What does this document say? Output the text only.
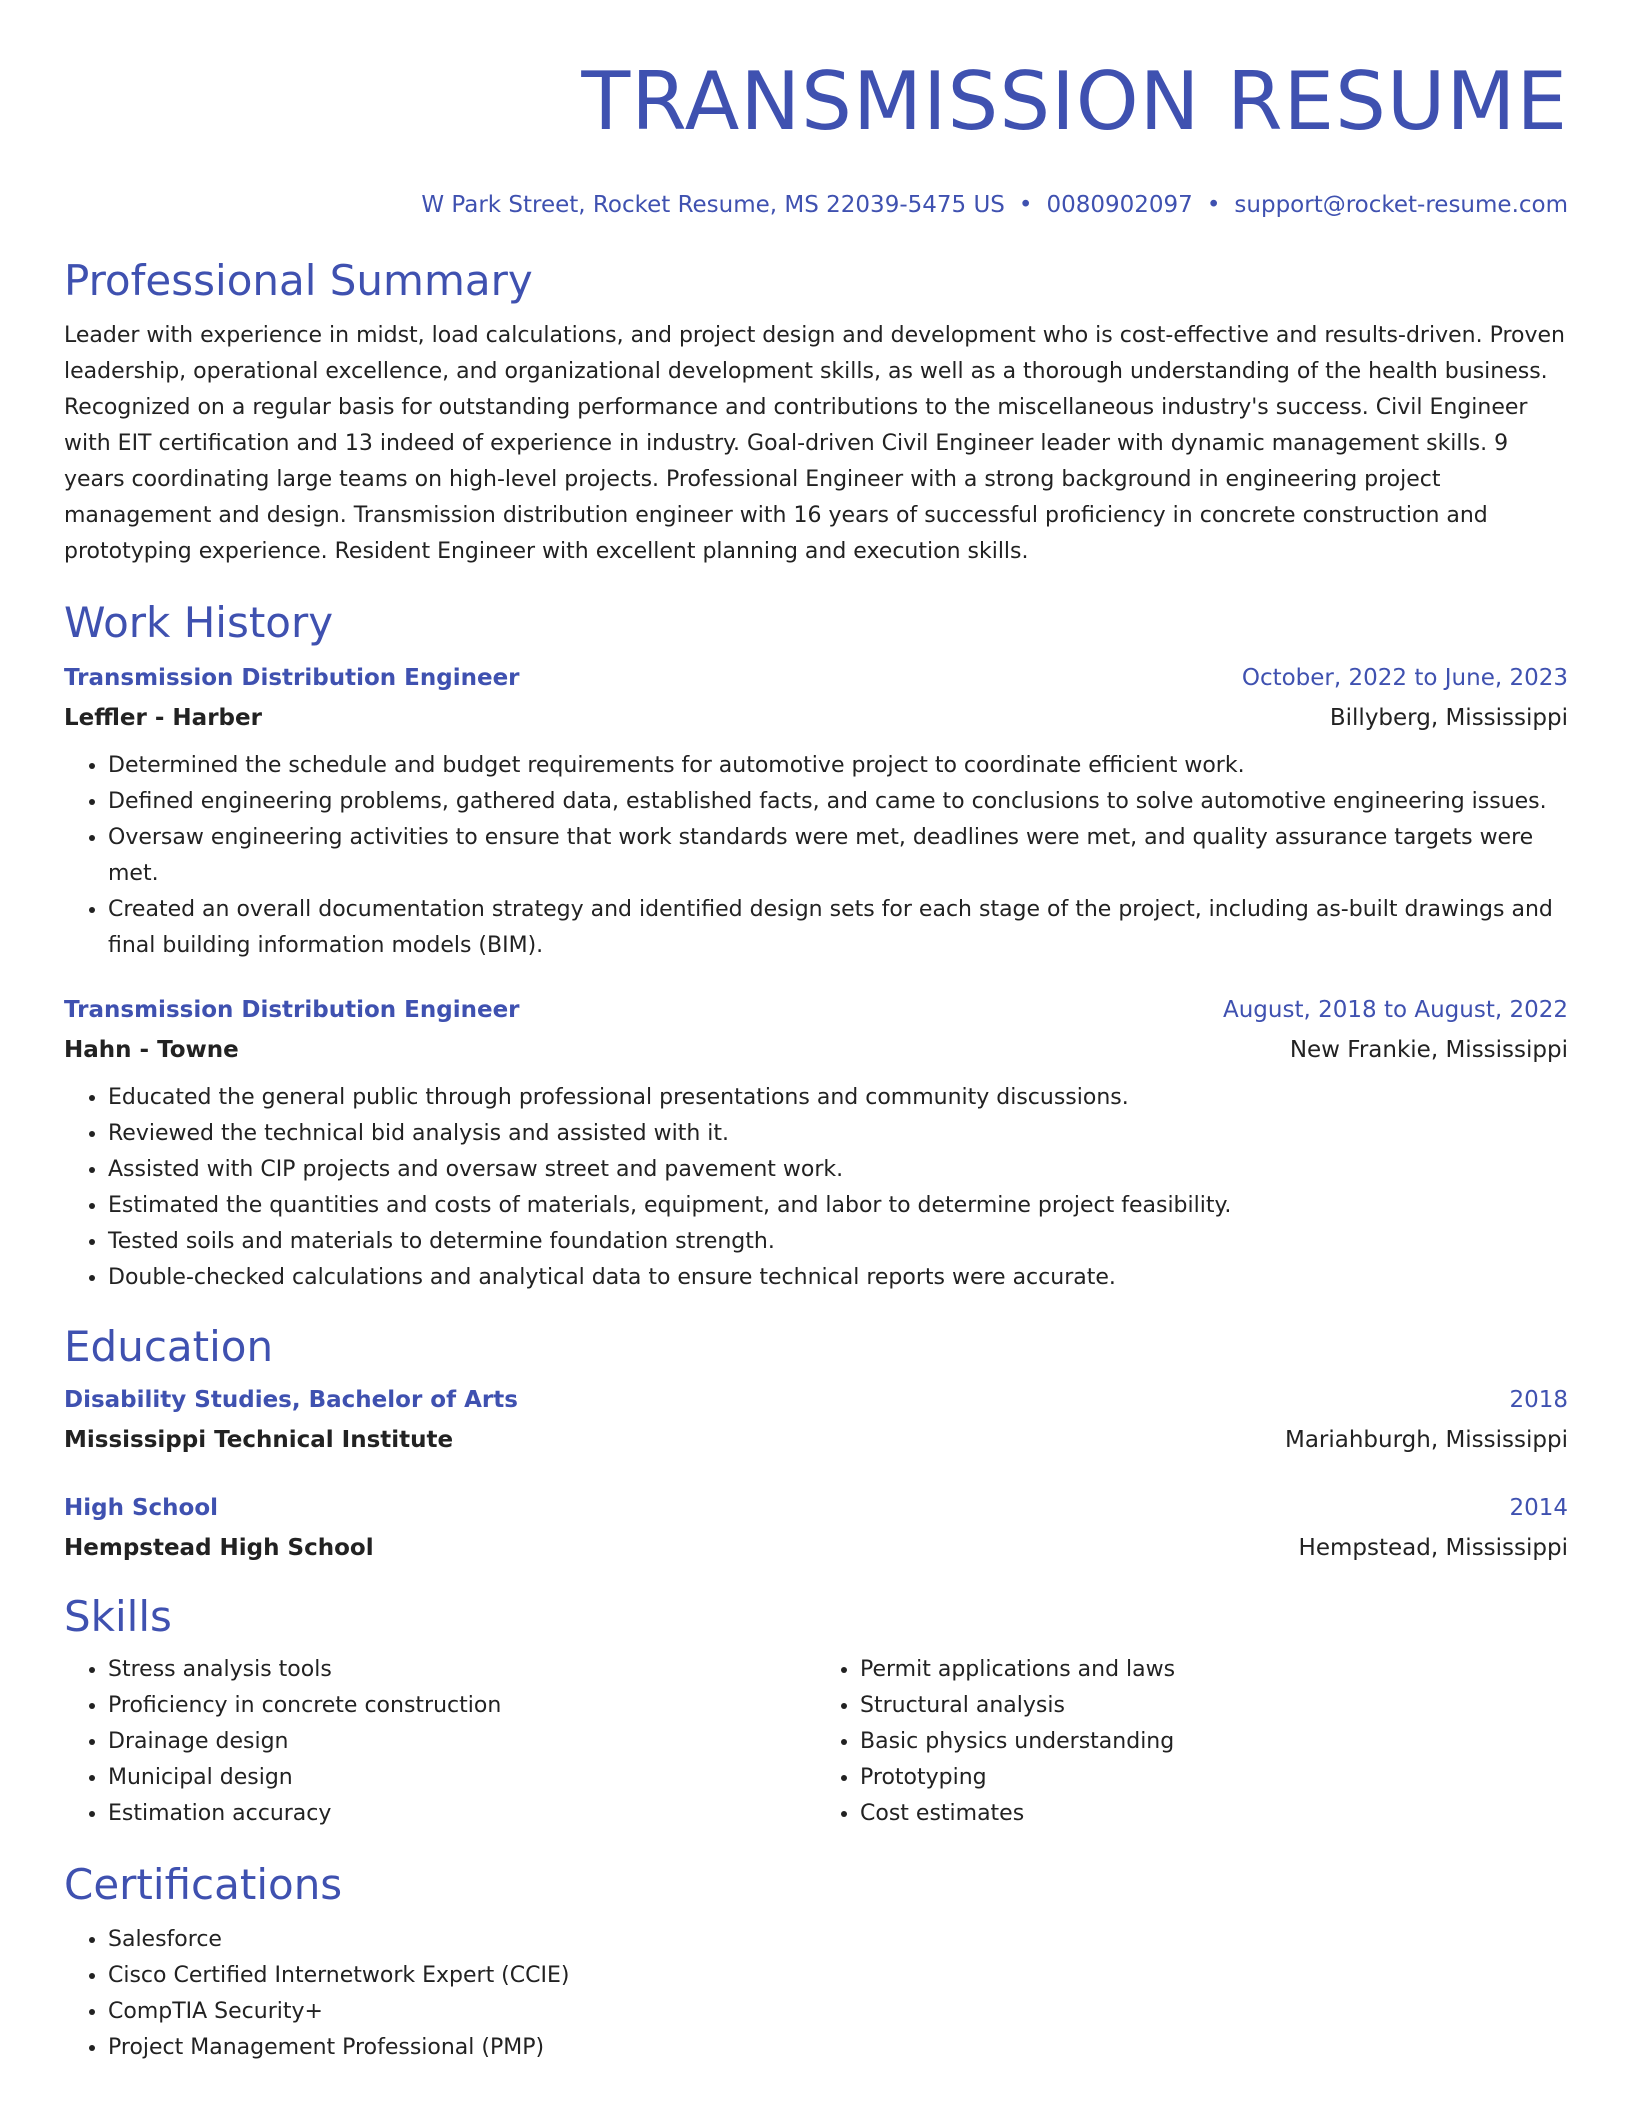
TRANSMISSION RESUME
W Park Street, Rocket Resume, MS 22039-5475 US • 0080902097 • support@rocket-resume.com
Professional Summary

Leader with experience in midst, load calculations, and project design and development who is cost-effective and results-driven. Proven leadership, operational excellence, and organizational development skills, as well as a thorough understanding of the health business. Recognized on a regular basis for outstanding performance and contributions to the miscellaneous industry's success. Civil Engineer with EIT certification and 13 indeed of experience in industry. Goal-driven Civil Engineer leader with dynamic management skills. 9 years coordinating large teams on high-level projects. Professional Engineer with a strong background in engineering project management and design. Transmission distribution engineer with 16 years of successful proficiency in concrete construction and prototyping experience. Resident Engineer with excellent planning and execution skills.

Work History
Transmission Distribution Engineer	October, 2022 to June, 2023
Leffler - Harber	Billyberg, Mississippi
• Determined the schedule and budget requirements for automotive project to coordinate efficient work.
• Defined engineering problems, gathered data, established facts, and came to conclusions to solve automotive engineering issues.
• Oversaw engineering activities to ensure that work standards were met, deadlines were met, and quality assurance targets were met.
• Created an overall documentation strategy and identified design sets for each stage of the project, including as-built drawings and final building information models (BIM).
Transmission Distribution Engineer	August, 2018 to August, 2022
Hahn - Towne	New Frankie, Mississippi
• Educated the general public through professional presentations and community discussions.
• Reviewed the technical bid analysis and assisted with it.
• Assisted with CIP projects and oversaw street and pavement work.
• Estimated the quantities and costs of materials, equipment, and labor to determine project feasibility.
• Tested soils and materials to determine foundation strength.
• Double-checked calculations and analytical data to ensure technical reports were accurate.
Education
Disability Studies, Bachelor of Arts	2018
Mississippi Technical Institute	Mariahburgh, Mississippi
High School	2014
Hempstead High School	Hempstead, Mississippi
Skills
• Stress analysis tools
• Proficiency in concrete construction
• Drainage design
• Municipal design
• Estimation accuracy
• Permit applications and laws
• Structural analysis
• Basic physics understanding
• Prototyping
• Cost estimates
Certifications
• Salesforce
• Cisco Certified Internetwork Expert (CCIE)
• CompTIA Security+
• Project Management Professional (PMP)
